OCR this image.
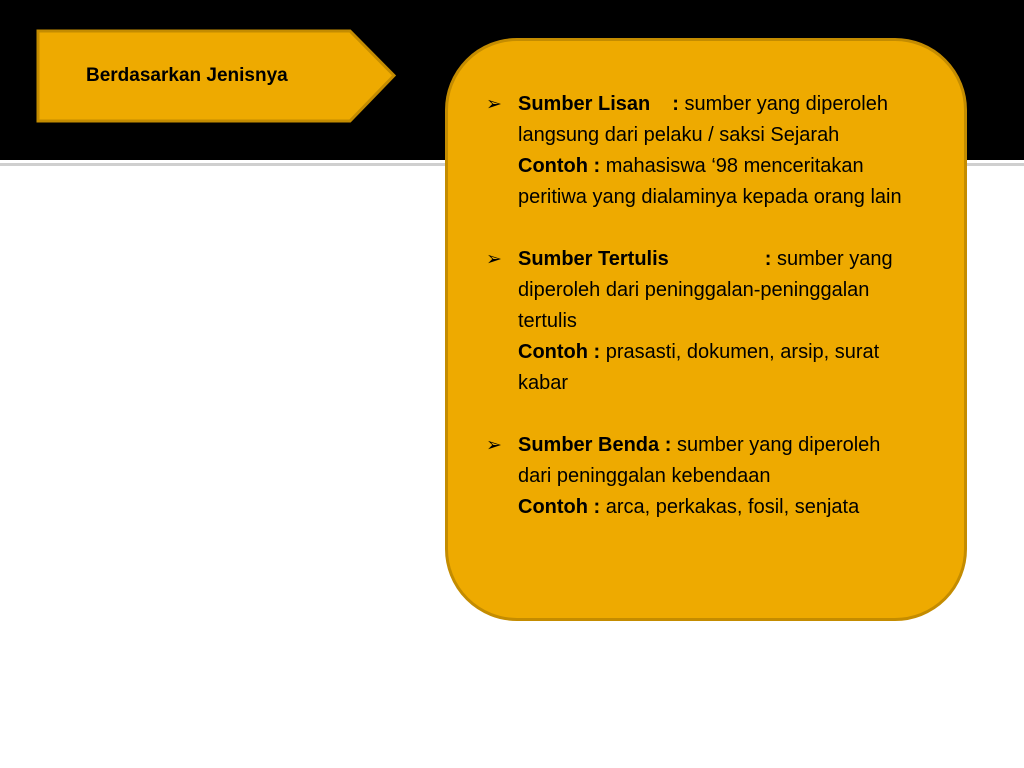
Berdasarkan Jenisnya
➢ Sumber Lisan : sumber yang diperoleh langsung dari pelaku / saksi Sejarah
Contoh : mahasiswa ‘98 menceritakan peritiwa yang dialaminya kepada orang lain
➢ Sumber Tertulis	: sumber yang diperoleh dari peninggalan-peninggalan tertulis
Contoh : prasasti, dokumen, arsip, surat kabar
➢ Sumber Benda : sumber yang diperoleh dari peninggalan kebendaan
Contoh : arca, perkakas, fosil, senjata
